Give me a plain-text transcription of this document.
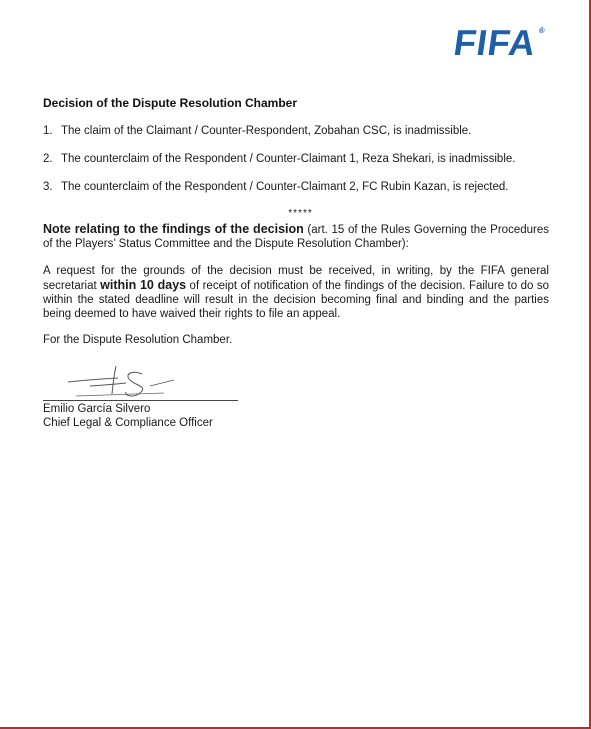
FIFA®
Decision of the Dispute Resolution Chamber
1. The claim of the Claimant / Counter-Respondent, Zobahan CSC, is inadmissible.
2. The counterclaim of the Respondent / Counter-Claimant 1, Reza Shekari, is inadmissible.
3. The counterclaim of the Respondent / Counter-Claimant 2, FC Rubin Kazan, is rejected.
*****
Note relating to the findings of the decision (art. 15 of the Rules Governing the Procedures of the Players’ Status Committee and the Dispute Resolution Chamber):
A request for the grounds of the decision must be received, in writing, by the FIFA general secretariat within 10 days of receipt of notification of the findings of the decision. Failure to do so within the stated deadline will result in the decision becoming final and binding and the parties being deemed to have waived their rights to file an appeal.
For the Dispute Resolution Chamber.
Emilio García Silvero
Chief Legal & Compliance Officer
